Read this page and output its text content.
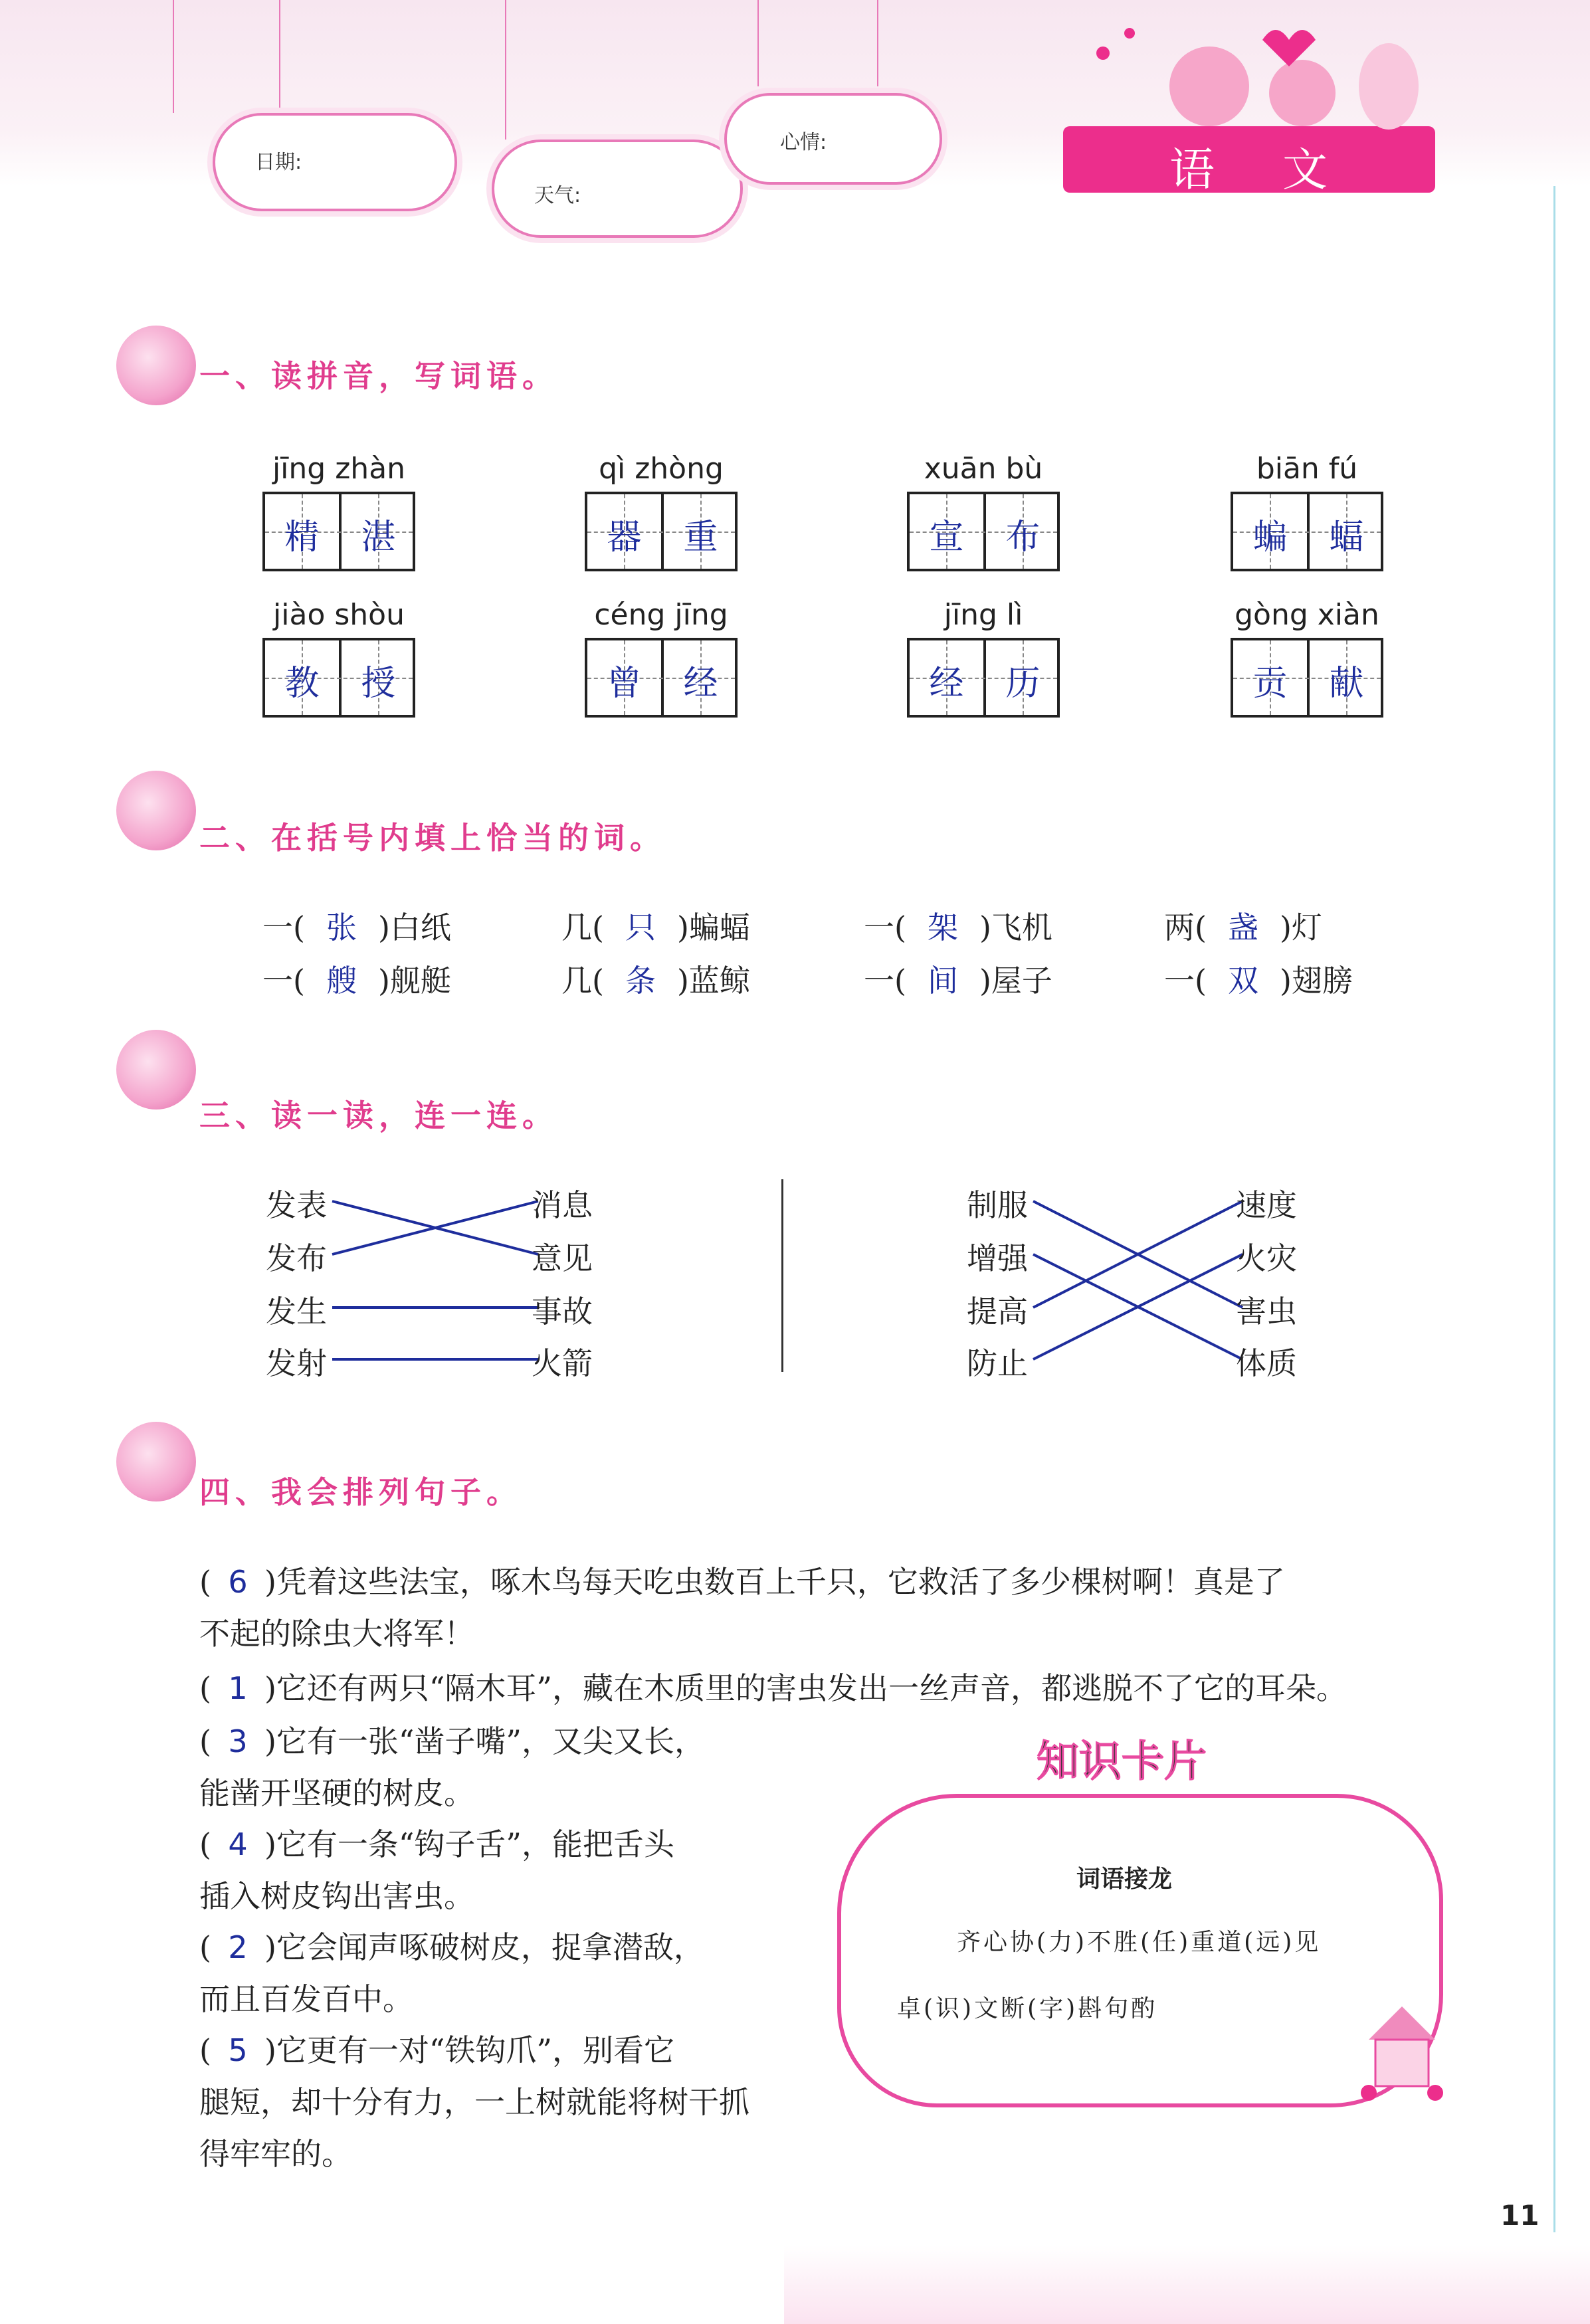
日期:
天气:
心情:
语 文
一、读拼音，写词语。
jīng zhàn
精	湛
qì zhòng
器	重
xuān bù
宣	布
biān fú
蝙	蝠
jiào shòu
教	授
céng jīng
曾	经
jīng lì
经	历
gòng xiàn
贡	献
二、在括号内填上恰当的词。
一( 张 )白纸	几( 只 )蝙蝠	一( 架 )飞机	两( 盏 )灯
一( 艘 )舰艇	几( 条 )蓝鲸	一( 间 )屋子	一( 双 )翅膀
三、读一读，连一连。
发表
发布
发生
发射
消息
意见
事故
火箭
制服
增强
提高
防止
速度
火灾
害虫
体质
四、我会排列句子。
( 6 )凭着这些法宝，啄木鸟每天吃虫数百上千只，它救活了多少棵树啊！真是了
不起的除虫大将军！
( 1 )它还有两只“隔木耳”，藏在木质里的害虫发出一丝声音，都逃脱不了它的耳朵。
( 3 )它有一张“凿子嘴”，又尖又长，
能凿开坚硬的树皮。
( 4 )它有一条“钩子舌”，能把舌头
插入树皮钩出害虫。
( 2 )它会闻声啄破树皮，捉拿潜敌，
而且百发百中。
( 5 )它更有一对“铁钩爪”，别看它
腿短，却十分有力，一上树就能将树干抓
得牢牢的。
知识卡片
词语接龙
齐心协(力)不胜(任)重道(远)见
卓(识)文断(字)斟句酌
11
